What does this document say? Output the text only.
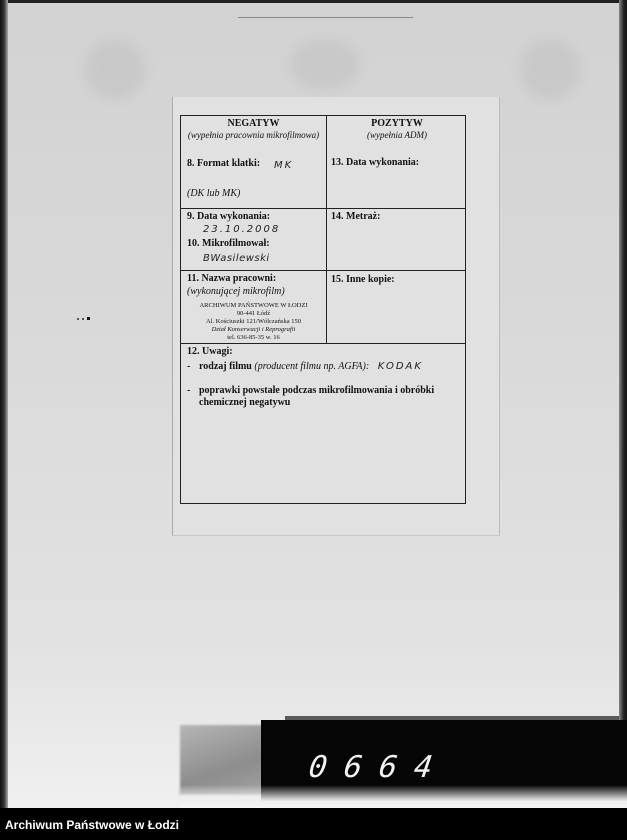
NEGATYW
(wypełnia pracownia mikrofilmowa)
8. Format klatki: MK
(DK lub MK)
POZYTYW
(wypełnia ADM)
13. Data wykonania:
9. Data wykonania:
23.10.2008
10. Mikrofilmował:
BWasilewski
14. Metraż:
11. Nazwa pracowni:
(wykonującej mikrofilm)
15. Inne kopie:
ARCHIWUM PAŃSTWOWE W ŁODZI
90-441 Łódź
Al. Kościuszki 121/Wólczańska 150
Dział Konserwacji i Reprografii
tel. 636-85-35 w. 16
12. Uwagi:
- rodzaj filmu (producent filmu np. AGFA): KODAK
- poprawki powstałe podczas mikrofilmowania i obróbki
chemicznej negatywu
0664
Archiwum Państwowe w Łodzi
